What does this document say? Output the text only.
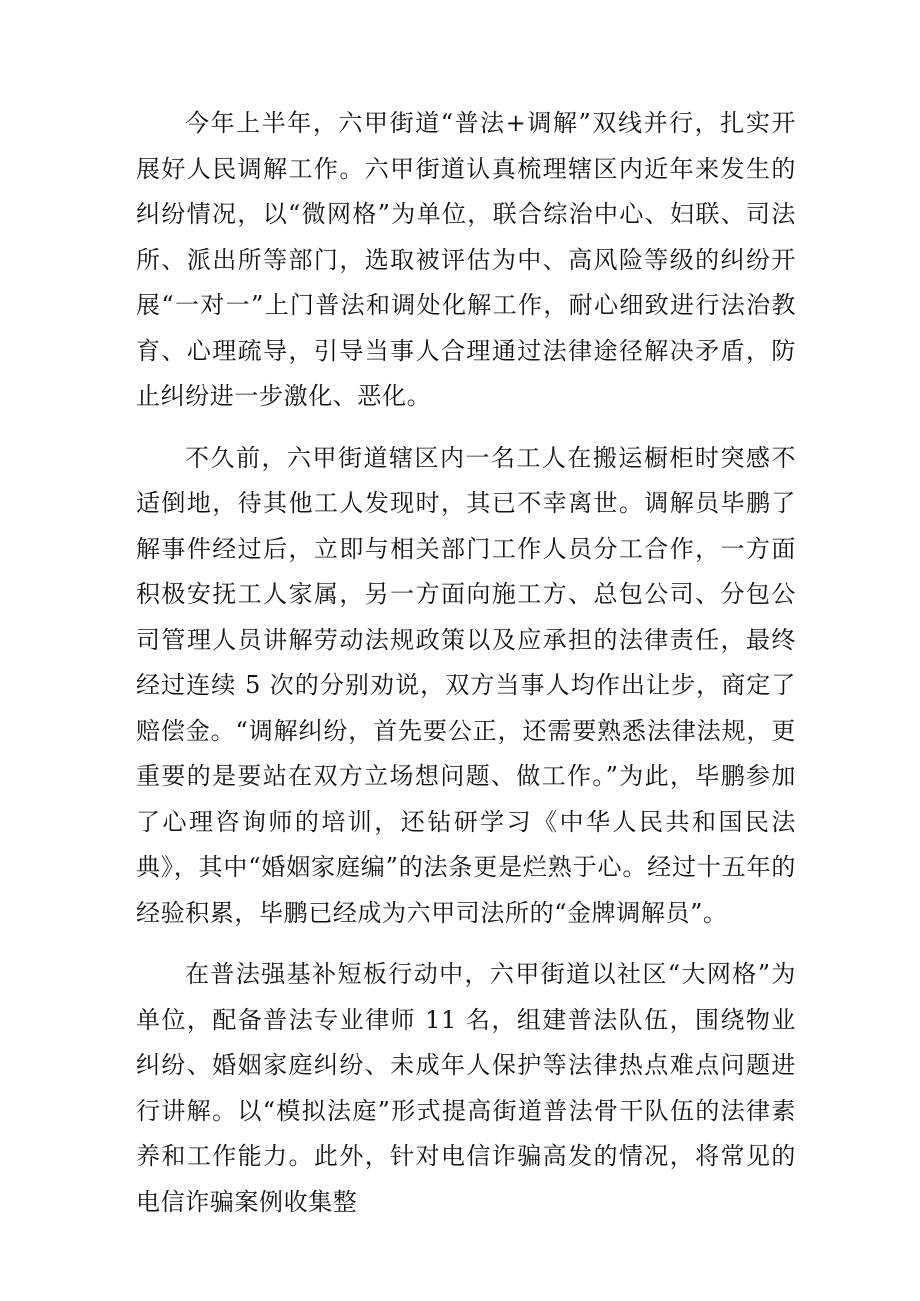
今年上半年，六甲街道“普法+调解”双线并行，扎实开展好人民调解工作。六甲街道认真梳理辖区内近年来发生的纠纷情况，以“微网格”为单位，联合综治中心、妇联、司法所、派出所等部门，选取被评估为中、高风险等级的纠纷开展“一对一”上门普法和调处化解工作，耐心细致进行法治教育、心理疏导，引导当事人合理通过法律途径解决矛盾，防止纠纷进一步激化、恶化。

不久前，六甲街道辖区内一名工人在搬运橱柜时突感不适倒地，待其他工人发现时，其已不幸离世。调解员毕鹏了解事件经过后，立即与相关部门工作人员分工合作，一方面积极安抚工人家属，另一方面向施工方、总包公司、分包公司管理人员讲解劳动法规政策以及应承担的法律责任，最终经过连续 5 次的分别劝说，双方当事人均作出让步，商定了赔偿金。“调解纠纷，首先要公正，还需要熟悉法律法规，更重要的是要站在双方立场想问题、做工作。”为此，毕鹏参加了心理咨询师的培训，还钻研学习《中华人民共和国民法典》，其中“婚姻家庭编”的法条更是烂熟于心。经过十五年的经验积累，毕鹏已经成为六甲司法所的“金牌调解员”。

在普法强基补短板行动中，六甲街道以社区“大网格”为单位，配备普法专业律师 11 名，组建普法队伍，围绕物业纠纷、婚姻家庭纠纷、未成年人保护等法律热点难点问题进行讲解。以“模拟法庭”形式提高街道普法骨干队伍的法律素养和工作能力。此外，针对电信诈骗高发的情况，将常见的电信诈骗案例收集整
